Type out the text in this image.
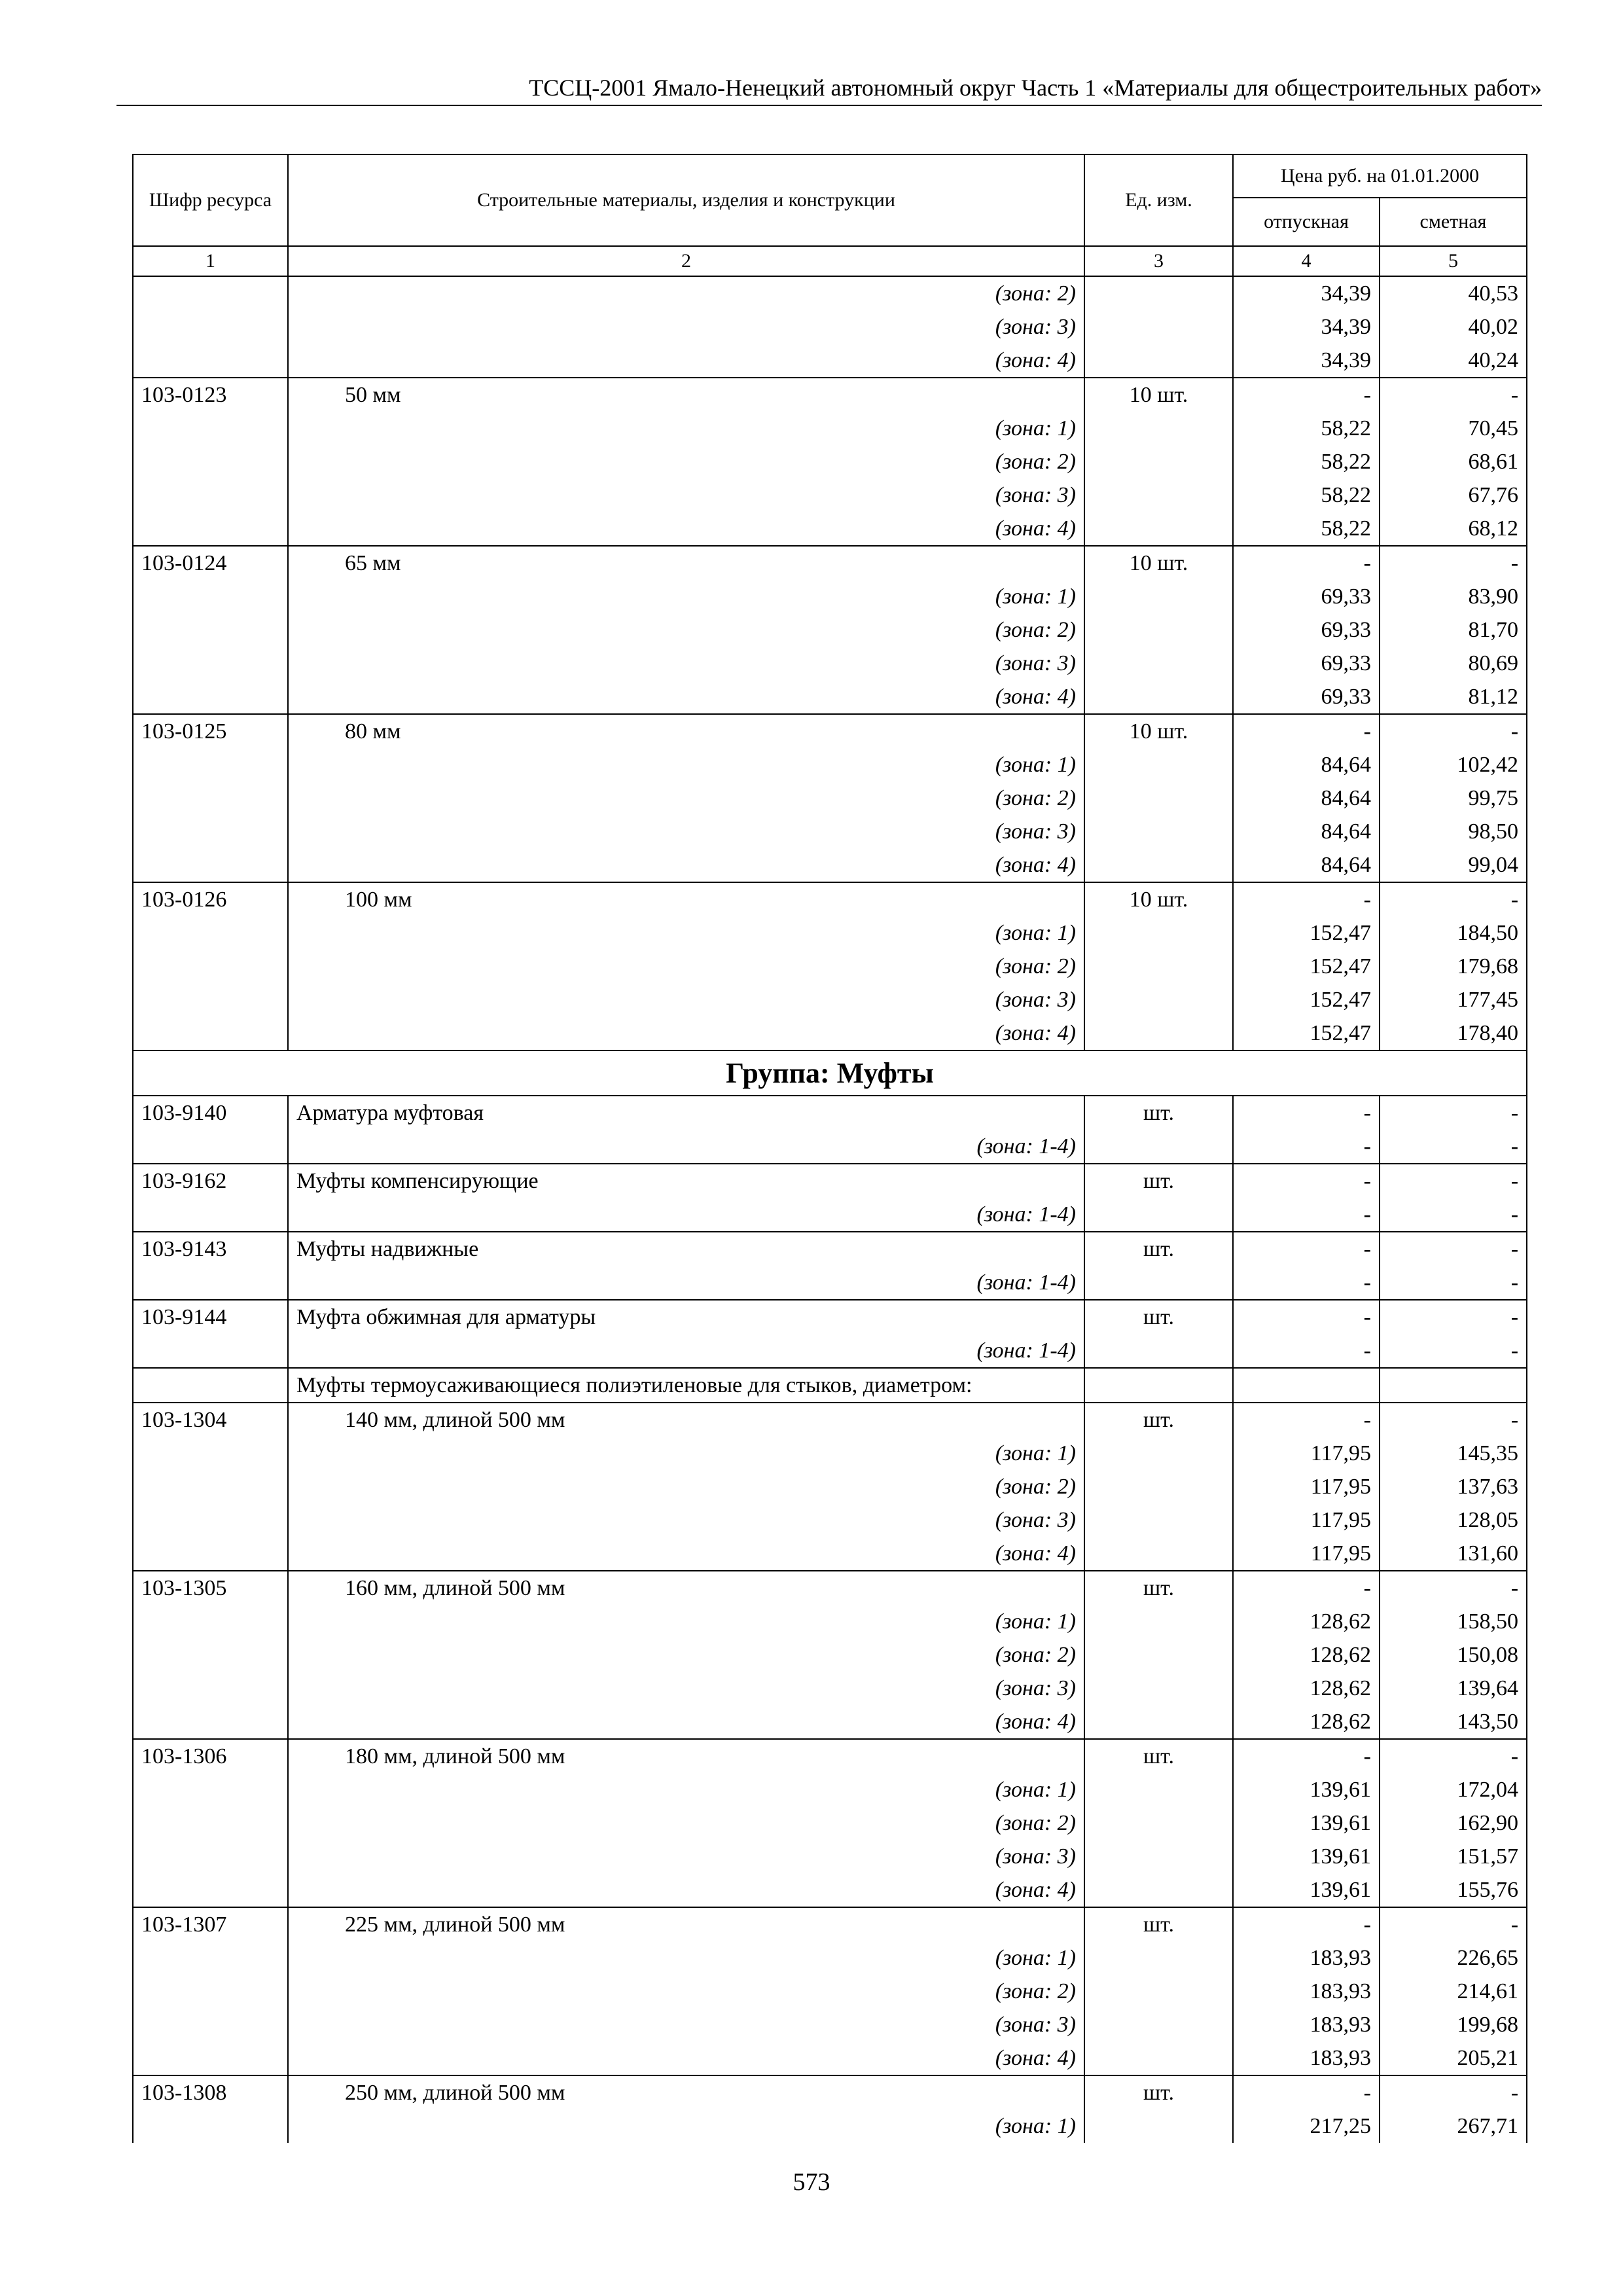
ТССЦ-2001 Ямало-Ненецкий автономный округ Часть 1 «Материалы для общестроительных работ»
Шифр ресурса	Строительные материалы, изделия и конструкции	Ед. изм.	Цена руб. на 01.01.2000	
			отпускная	сметная
1	2	3	4	5
	(зона: 2)		34,39	40,53
	(зона: 3)		34,39	40,02
	(зона: 4)		34,39	40,24
103-0123	50 мм	10 шт.	-	-
	(зона: 1)		58,22	70,45
	(зона: 2)		58,22	68,61
	(зона: 3)		58,22	67,76
	(зона: 4)		58,22	68,12
103-0124	65 мм	10 шт.	-	-
	(зона: 1)		69,33	83,90
	(зона: 2)		69,33	81,70
	(зона: 3)		69,33	80,69
	(зона: 4)		69,33	81,12
103-0125	80 мм	10 шт.	-	-
	(зона: 1)		84,64	102,42
	(зона: 2)		84,64	99,75
	(зона: 3)		84,64	98,50
	(зона: 4)		84,64	99,04
103-0126	100 мм	10 шт.	-	-
	(зона: 1)		152,47	184,50
	(зона: 2)		152,47	179,68
	(зона: 3)		152,47	177,45
	(зона: 4)		152,47	178,40
Группа: Муфты				
103-9140	Арматура муфтовая	шт.	-	-
	(зона: 1-4)		-	-
103-9162	Муфты компенсирующие	шт.	-	-
	(зона: 1-4)		-	-
103-9143	Муфты надвижные	шт.	-	-
	(зона: 1-4)		-	-
103-9144	Муфта обжимная для арматуры	шт.	-	-
	(зона: 1-4)		-	-
	Муфты термоусаживающиеся полиэтиленовые для стыков, диаметром:			
103-1304	140 мм, длиной 500 мм	шт.	-	-
	(зона: 1)		117,95	145,35
	(зона: 2)		117,95	137,63
	(зона: 3)		117,95	128,05
	(зона: 4)		117,95	131,60
103-1305	160 мм, длиной 500 мм	шт.	-	-
	(зона: 1)		128,62	158,50
	(зона: 2)		128,62	150,08
	(зона: 3)		128,62	139,64
	(зона: 4)		128,62	143,50
103-1306	180 мм, длиной 500 мм	шт.	-	-
	(зона: 1)		139,61	172,04
	(зона: 2)		139,61	162,90
	(зона: 3)		139,61	151,57
	(зона: 4)		139,61	155,76
103-1307	225 мм, длиной 500 мм	шт.	-	-
	(зона: 1)		183,93	226,65
	(зона: 2)		183,93	214,61
	(зона: 3)		183,93	199,68
	(зона: 4)		183,93	205,21
103-1308	250 мм, длиной 500 мм	шт.	-	-
	(зона: 1)		217,25	267,71
573
